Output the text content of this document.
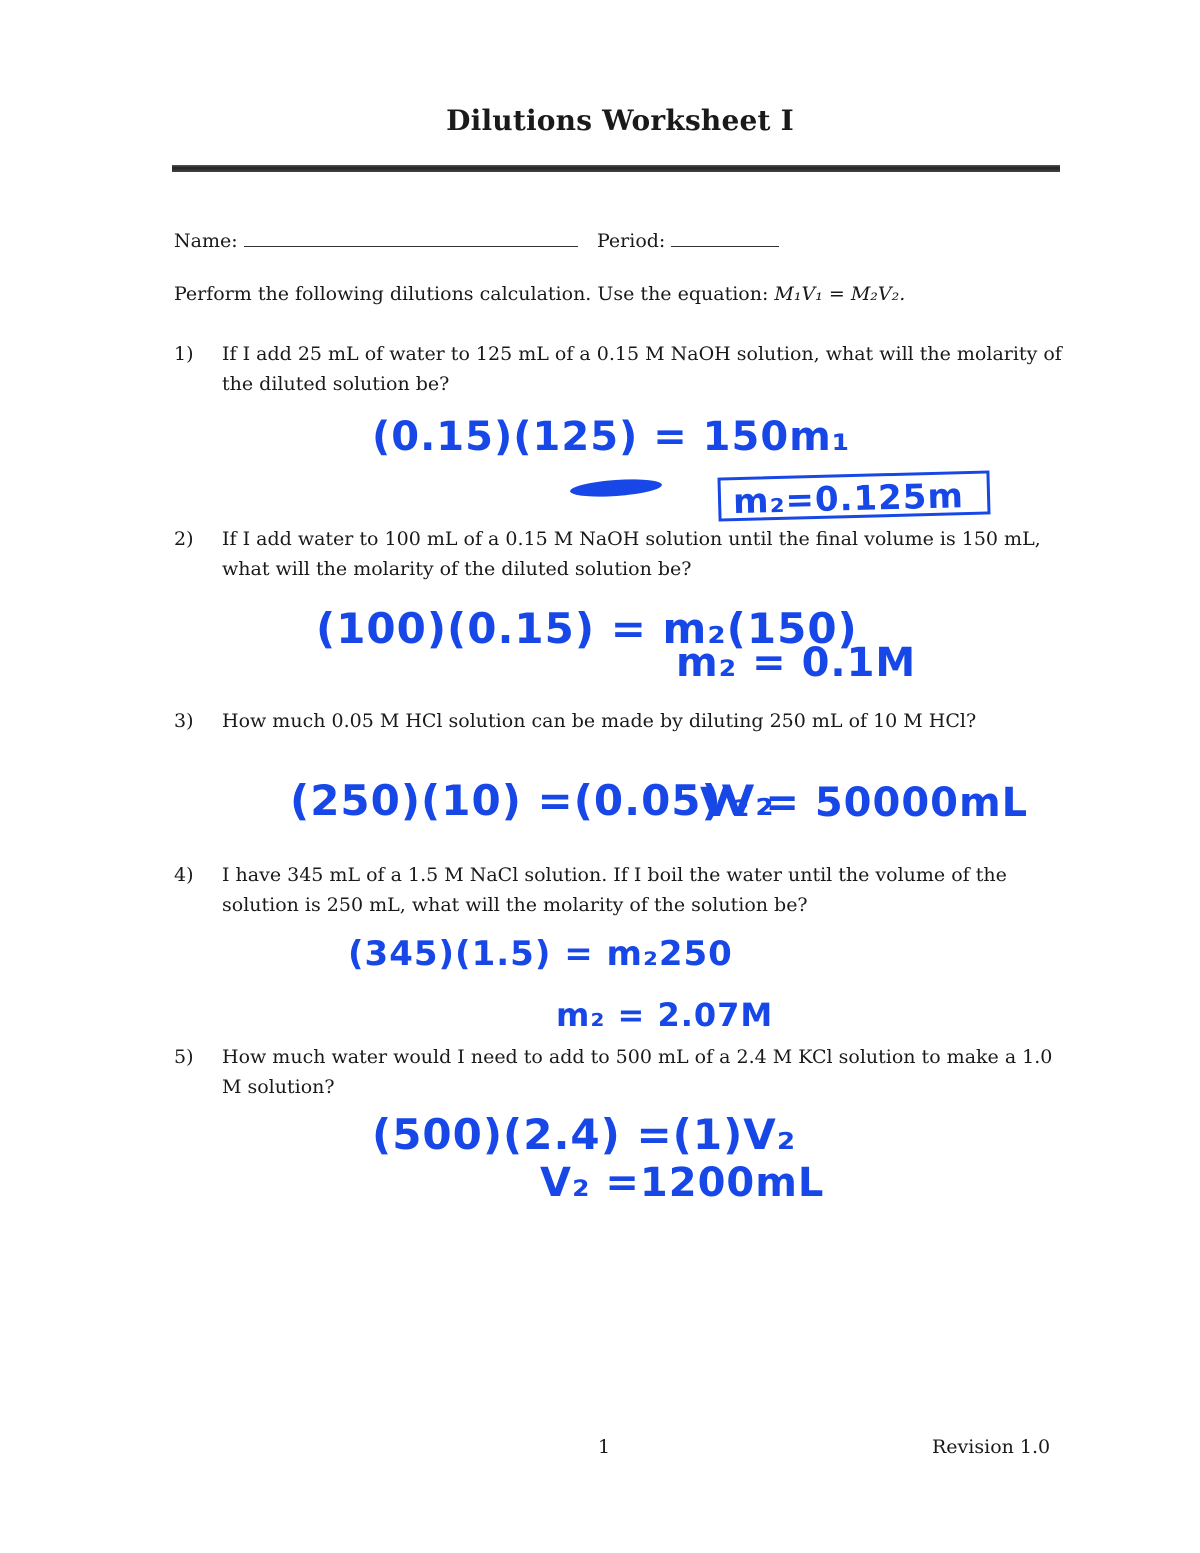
Dilutions Worksheet I
Name:	Period:
Perform the following dilutions calculation. Use the equation: M₁V₁ = M₂V₂.
1) If I add 25 mL of water to 125 mL of a 0.15 M NaOH solution, what will the molarity of
the diluted solution be?
(0.15)(125) = 150m₁
m₂=0.125m
2) If I add water to 100 mL of a 0.15 M NaOH solution until the final volume is 150 mL,
what will the molarity of the diluted solution be?
(100)(0.15) = m₂(150)
m₂ = 0.1M
3) How much 0.05 M HCl solution can be made by diluting 250 mL of 10 M HCl?
(250)(10) =(0.05)V₂
V₂ = 50000mL
4) I have 345 mL of a 1.5 M NaCl solution. If I boil the water until the volume of the
solution is 250 mL, what will the molarity of the solution be?
(345)(1.5) = m₂250
m₂ = 2.07M
5) How much water would I need to add to 500 mL of a 2.4 M KCl solution to make a 1.0
M solution?
(500)(2.4) =(1)V₂
V₂ =1200mL
1	Revision 1.0
